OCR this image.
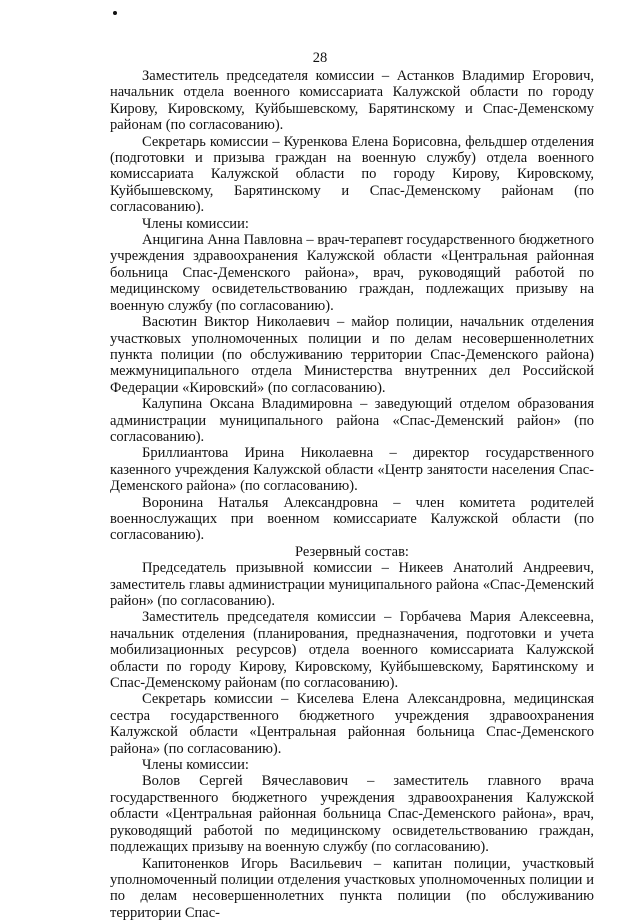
28

Заместитель председателя комиссии – Астанков Владимир Егорович, начальник отдела военного комиссариата Калужской области по городу Кирову, Кировскому, Куйбышевскому, Барятинскому и Спас-Деменскому районам (по согласованию).

Секретарь комиссии – Куренкова Елена Борисовна, фельдшер отделения (подготовки и призыва граждан на военную службу) отдела военного комиссариата Калужской области по городу Кирову, Кировскому, Куйбышевскому, Барятинскому и Спас-Деменскому районам (по согласованию).

Члены комиссии:

Анцигина Анна Павловна – врач-терапевт государственного бюджетного учреждения здравоохранения Калужской области «Центральная районная больница Спас-Деменского района», врач, руководящий работой по медицинскому освидетельствованию граждан, подлежащих призыву на военную службу (по согласованию).

Васютин Виктор Николаевич – майор полиции, начальник отделения участковых уполномоченных полиции и по делам несовершеннолетних пункта полиции (по обслуживанию территории Спас-Деменского района) межмуниципального отдела Министерства внутренних дел Российской Федерации «Кировский» (по согласованию).

Калупина Оксана Владимировна – заведующий отделом образования администрации муниципального района «Спас-Деменский район» (по согласованию).

Бриллиантова Ирина Николаевна – директор государственного казенного учреждения Калужской области «Центр занятости населения Спас-Деменского района» (по согласованию).

Воронина Наталья Александровна – член комитета родителей военнослужащих при военном комиссариате Калужской области (по согласованию).

Резервный состав:

Председатель призывной комиссии – Никеев Анатолий Андреевич, заместитель главы администрации муниципального района «Спас-Деменский район» (по согласованию).

Заместитель председателя комиссии – Горбачева Мария Алексеевна, начальник отделения (планирования, предназначения, подготовки и учета мобилизационных ресурсов) отдела военного комиссариата Калужской области по городу Кирову, Кировскому, Куйбышевскому, Барятинскому и Спас-Деменскому районам (по согласованию).

Секретарь комиссии – Киселева Елена Александровна, медицинская сестра государственного бюджетного учреждения здравоохранения Калужской области «Центральная районная больница Спас-Деменского района» (по согласованию).

Члены комиссии:

Волов Сергей Вячеславович – заместитель главного врача государственного бюджетного учреждения здравоохранения Калужской области «Центральная районная больница Спас-Деменского района», врач, руководящий работой по медицинскому освидетельствованию граждан, подлежащих призыву на военную службу (по согласованию).

Капитоненков Игорь Васильевич – капитан полиции, участковый уполномоченный полиции отделения участковых уполномоченных полиции и по делам несовершеннолетних пункта полиции (по обслуживанию территории Спас-
